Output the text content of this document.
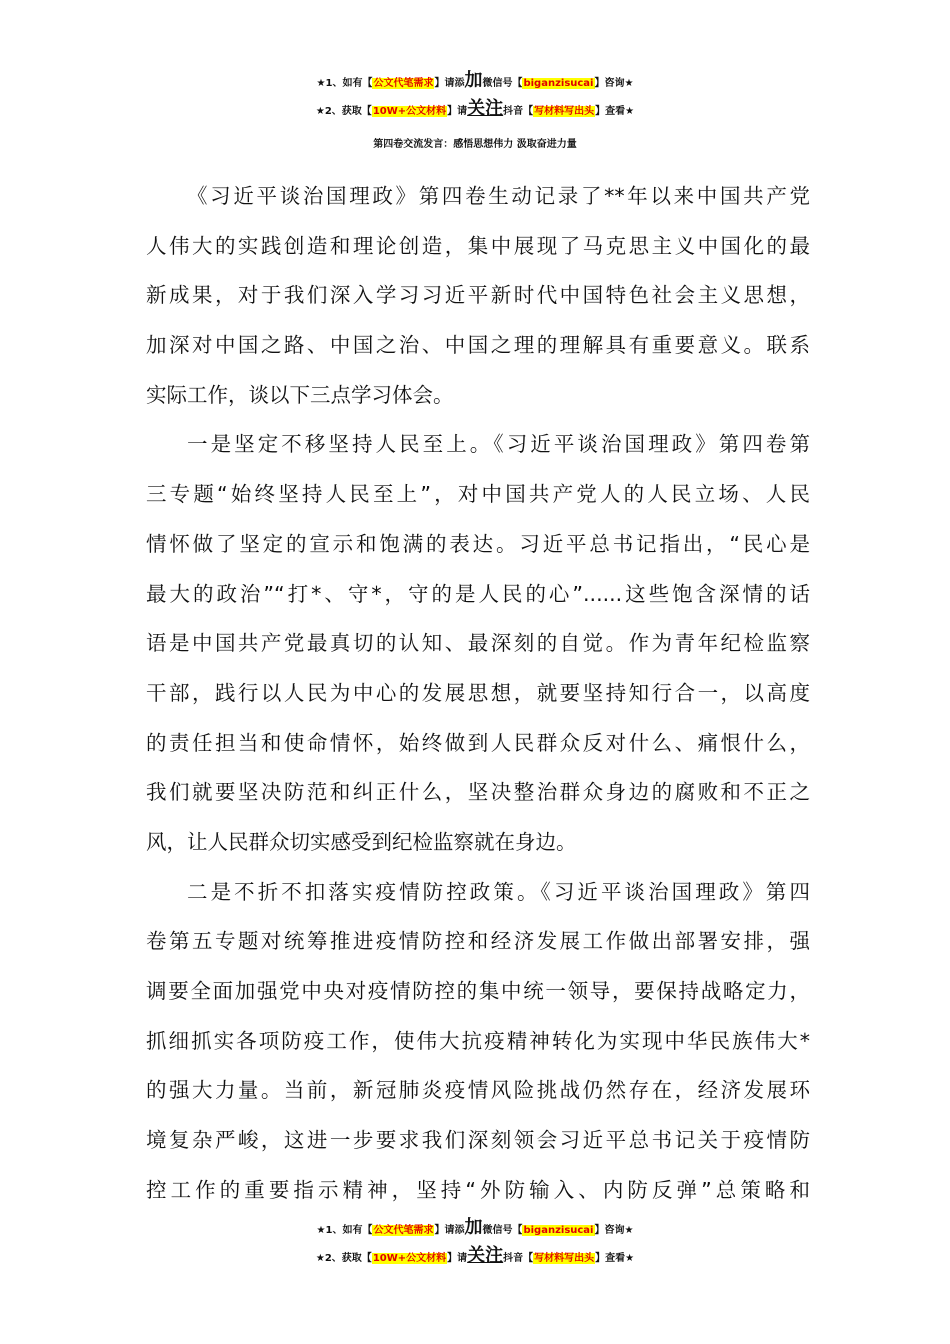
★1、如有【公文代笔需求】请添加微信号【biganzisucai】咨询★
★2、获取【10W+公文材料】请关注抖音【写材料写出头】查看★
第四卷交流发言：感悟思想伟力 汲取奋进力量
《习近平谈治国理政》第四卷生动记录了**年以来中国共产党
人伟大的实践创造和理论创造，集中展现了马克思主义中国化的最
新成果，对于我们深入学习习近平新时代中国特色社会主义思想，
加深对中国之路、中国之治、中国之理的理解具有重要意义。联系
实际工作，谈以下三点学习体会。
一是坚定不移坚持人民至上。《习近平谈治国理政》第四卷第
三专题“始终坚持人民至上”，对中国共产党人的人民立场、人民
情怀做了坚定的宣示和饱满的表达。习近平总书记指出，“民心是
最大的政治”“打*、守*，守的是人民的心”......这些饱含深情的话
语是中国共产党最真切的认知、最深刻的自觉。作为青年纪检监察
干部，践行以人民为中心的发展思想，就要坚持知行合一，以高度
的责任担当和使命情怀，始终做到人民群众反对什么、痛恨什么，
我们就要坚决防范和纠正什么，坚决整治群众身边的腐败和不正之
风，让人民群众切实感受到纪检监察就在身边。
二是不折不扣落实疫情防控政策。《习近平谈治国理政》第四
卷第五专题对统筹推进疫情防控和经济发展工作做出部署安排，强
调要全面加强党中央对疫情防控的集中统一领导，要保持战略定力，
抓细抓实各项防疫工作，使伟大抗疫精神转化为实现中华民族伟大*
的强大力量。当前，新冠肺炎疫情风险挑战仍然存在，经济发展环
境复杂严峻，这进一步要求我们深刻领会习近平总书记关于疫情防
控工作的重要指示精神，坚持“外防输入、内防反弹”总策略和
★1、如有【公文代笔需求】请添加微信号【biganzisucai】咨询★
★2、获取【10W+公文材料】请关注抖音【写材料写出头】查看★
